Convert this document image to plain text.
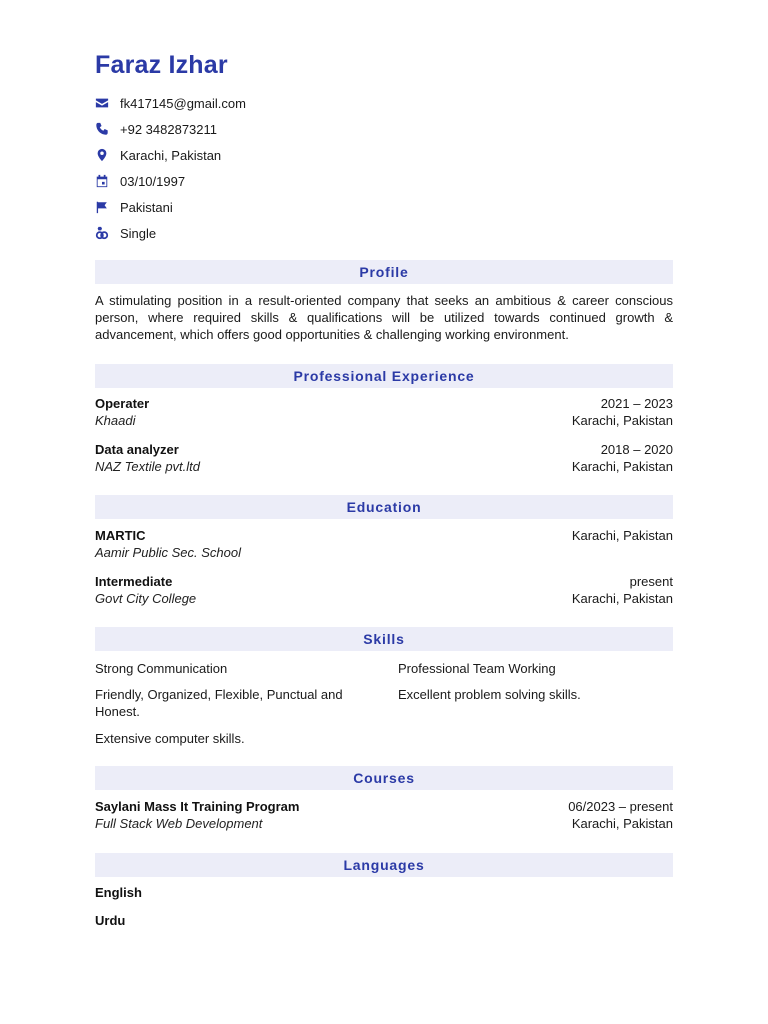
Faraz Izhar
fk417145@gmail.com
+92 3482873211
Karachi, Pakistan
03/10/1997
Pakistani
Single
Profile
A stimulating position in a result-oriented company that seeks an ambitious & career conscious person, where required skills & qualifications will be utilized towards continued growth & advancement, which offers good opportunities & challenging working environment.
Professional Experience
Operater	2021 – 2023
Khaadi	Karachi, Pakistan
Data analyzer	2018 – 2020
NAZ Textile pvt.ltd	Karachi, Pakistan
Education
MARTIC	Karachi, Pakistan
Aamir Public Sec. School
Intermediate	present
Govt City College	Karachi, Pakistan
Skills
Strong Communication	Professional Team Working
Friendly, Organized, Flexible, Punctual and Honest.
Excellent problem solving skills.
Extensive computer skills.
Courses
Saylani Mass It Training Program	06/2023 – present
Full Stack Web Development	Karachi, Pakistan
Languages
English
Urdu
